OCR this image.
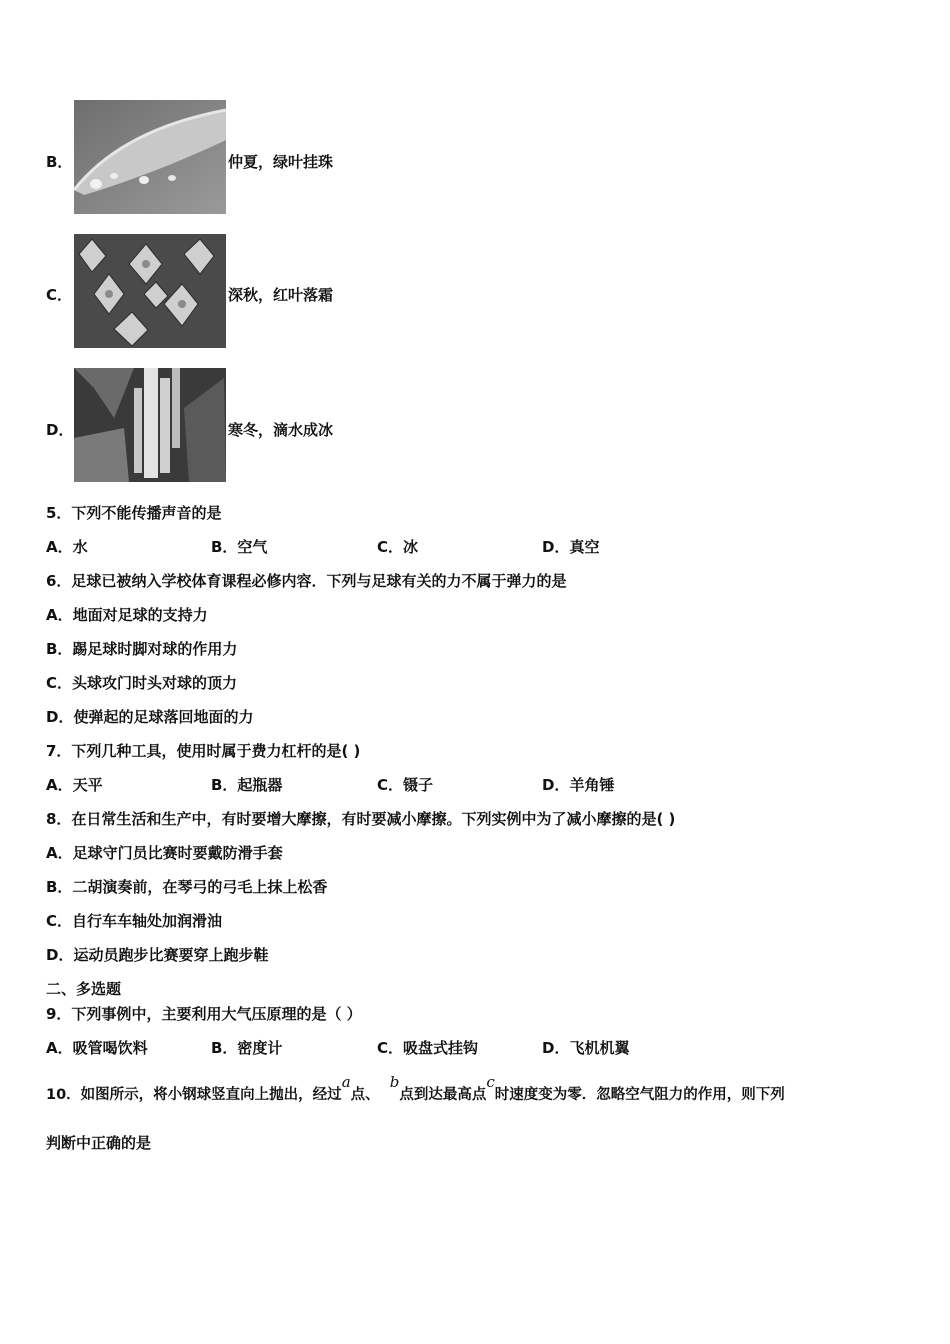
B．	仲夏，绿叶挂珠
C．	深秋，红叶落霜
D．	寒冬，滴水成冰
5．下列不能传播声音的是
A．水	B．空气	C．冰	D．真空
6．足球已被纳入学校体育课程必修内容．下列与足球有关的力不属于弹力的是
A．地面对足球的支持力
B．踢足球时脚对球的作用力
C．头球攻门时头对球的顶力
D．使弹起的足球落回地面的力
7．下列几种工具，使用时属于费力杠杆的是( )
A．天平	B．起瓶器	C．镊子	D．羊角锤
8．在日常生活和生产中，有时要增大摩擦，有时要减小摩擦。下列实例中为了减小摩擦的是( )
A．足球守门员比赛时要戴防滑手套
B．二胡演奏前，在琴弓的弓毛上抹上松香
C．自行车车轴处加润滑油
D．运动员跑步比赛要穿上跑步鞋
二、多选题
9．下列事例中，主要利用大气压原理的是（ ）
A．吸管喝饮料	B．密度计	C．吸盘式挂钩	D．飞机机翼
10．如图所示，将小钢球竖直向上抛出，经过a点、  b点到达最高点c时速度变为零．忽略空气阻力的作用，则下列
判断中正确的是
